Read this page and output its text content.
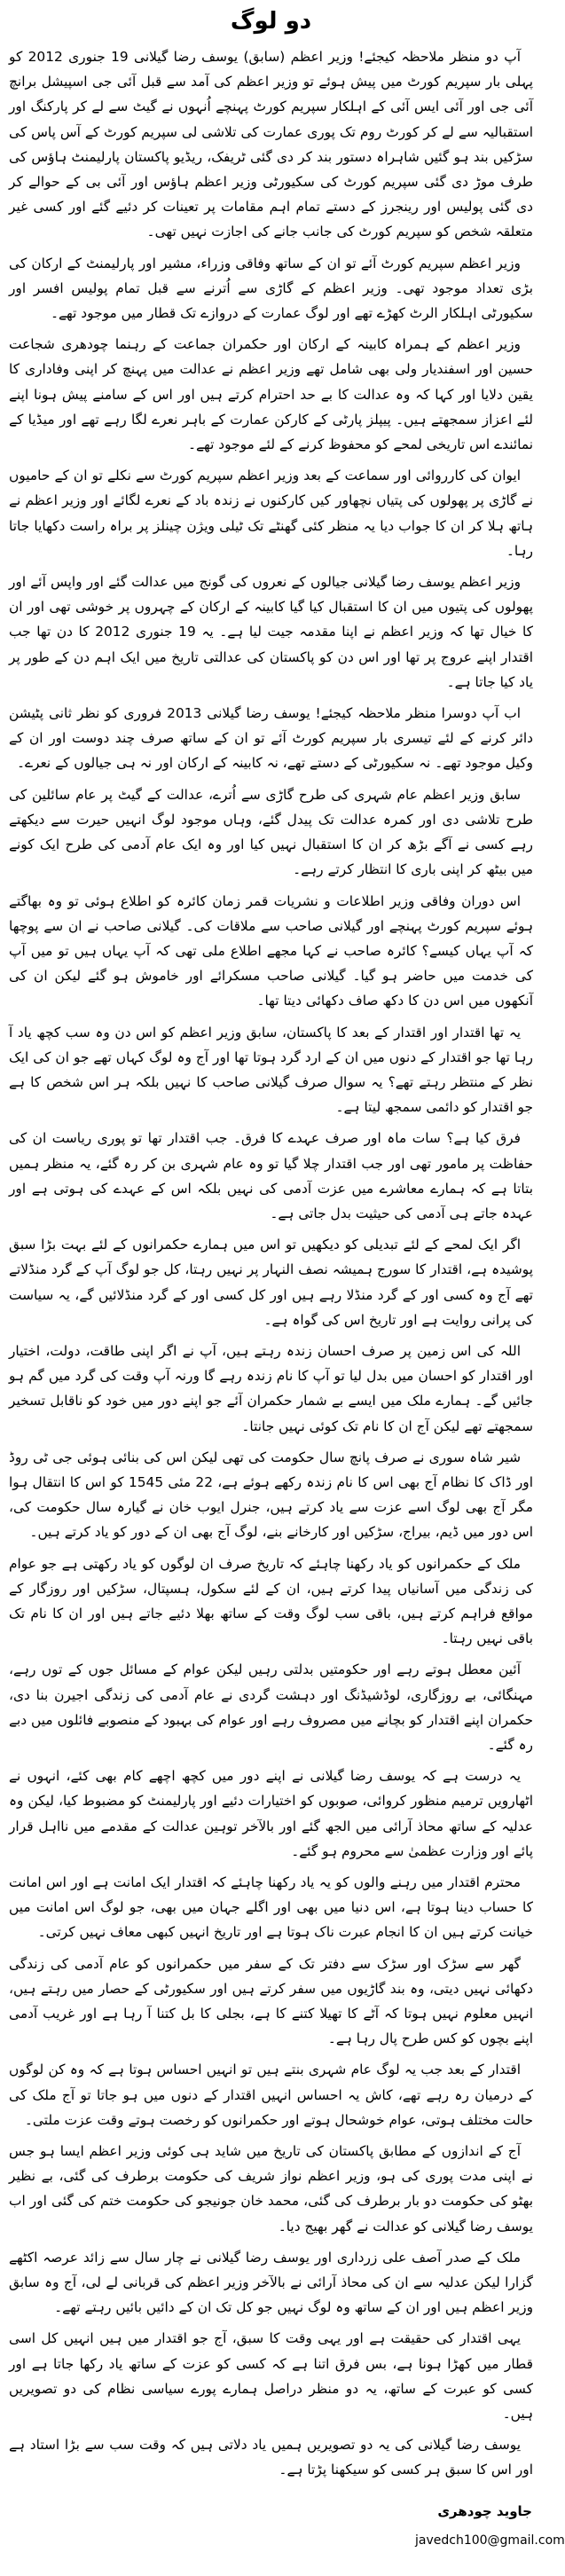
دو لوگ

آپ دو منظر ملاحظہ کیجئے! وزیر اعظم (سابق) یوسف رضا گیلانی 19 جنوری 2012 کو پہلی بار سپریم کورٹ میں پیش ہوئے تو وزیر اعظم کی آمد سے قبل آئی جی اسپیشل برانچ آئی جی اور آئی ایس آئی کے اہلکار سپریم کورٹ پہنچے اُنہوں نے گیٹ سے لے کر پارکنگ اور استقبالیہ سے لے کر کورٹ روم تک پوری عمارت کی تلاشی لی سپریم کورٹ کے آس پاس کی سڑکیں بند ہو گئیں شاہراہ دستور بند کر دی گئی ٹریفک، ریڈیو پاکستان پارلیمنٹ ہاؤس کی طرف موڑ دی گئی سپریم کورٹ کی سکیورٹی وزیر اعظم ہاؤس اور آئی بی کے حوالے کر دی گئی پولیس اور رینجرز کے دستے تمام اہم مقامات پر تعینات کر دئیے گئے اور کسی غیر متعلقہ شخص کو سپریم کورٹ کی جانب جانے کی اجازت نہیں تھی۔

وزیر اعظم سپریم کورٹ آئے تو ان کے ساتھ وفاقی وزراء، مشیر اور پارلیمنٹ کے ارکان کی بڑی تعداد موجود تھی۔ وزیر اعظم کے گاڑی سے اُترنے سے قبل تمام پولیس افسر اور سکیورٹی اہلکار الرٹ کھڑے تھے اور لوگ عمارت کے دروازے تک قطار میں موجود تھے۔

وزیر اعظم کے ہمراہ کابینہ کے ارکان اور حکمران جماعت کے رہنما چودھری شجاعت حسین اور اسفندیار ولی بھی شامل تھے وزیر اعظم نے عدالت میں پہنچ کر اپنی وفاداری کا یقین دلایا اور کہا کہ وہ عدالت کا بے حد احترام کرتے ہیں اور اس کے سامنے پیش ہونا اپنے لئے اعزاز سمجھتے ہیں۔ پیپلز پارٹی کے کارکن عمارت کے باہر نعرے لگا رہے تھے اور میڈیا کے نمائندے اس تاریخی لمحے کو محفوظ کرنے کے لئے موجود تھے۔

ایوان کی کارروائی اور سماعت کے بعد وزیر اعظم سپریم کورٹ سے نکلے تو ان کے حامیوں نے گاڑی پر پھولوں کی پتیاں نچھاور کیں کارکنوں نے زندہ باد کے نعرے لگائے اور وزیر اعظم نے ہاتھ ہلا کر ان کا جواب دیا یہ منظر کئی گھنٹے تک ٹیلی ویژن چینلز پر براہ راست دکھایا جاتا رہا۔

وزیر اعظم یوسف رضا گیلانی جیالوں کے نعروں کی گونج میں عدالت گئے اور واپس آئے اور پھولوں کی پتیوں میں ان کا استقبال کیا گیا کابینہ کے ارکان کے چہروں پر خوشی تھی اور ان کا خیال تھا کہ وزیر اعظم نے اپنا مقدمہ جیت لیا ہے۔ یہ 19 جنوری 2012 کا دن تھا جب اقتدار اپنے عروج پر تھا اور اس دن کو پاکستان کی عدالتی تاریخ میں ایک اہم دن کے طور پر یاد کیا جاتا ہے۔

اب آپ دوسرا منظر ملاحظہ کیجئے! یوسف رضا گیلانی 2013 فروری کو نظر ثانی پٹیشن دائر کرنے کے لئے تیسری بار سپریم کورٹ آئے تو ان کے ساتھ صرف چند دوست اور ان کے وکیل موجود تھے۔ نہ سکیورٹی کے دستے تھے، نہ کابینہ کے ارکان اور نہ ہی جیالوں کے نعرے۔

سابق وزیر اعظم عام شہری کی طرح گاڑی سے اُترے، عدالت کے گیٹ پر عام سائلین کی طرح تلاشی دی اور کمرہ عدالت تک پیدل گئے، وہاں موجود لوگ انہیں حیرت سے دیکھتے رہے کسی نے آگے بڑھ کر ان کا استقبال نہیں کیا اور وہ ایک عام آدمی کی طرح ایک کونے میں بیٹھ کر اپنی باری کا انتظار کرتے رہے۔

اس دوران وفاقی وزیر اطلاعات و نشریات قمر زمان کائرہ کو اطلاع ہوئی تو وہ بھاگتے ہوئے سپریم کورٹ پہنچے اور گیلانی صاحب سے ملاقات کی۔ گیلانی صاحب نے ان سے پوچھا کہ آپ یہاں کیسے؟ کائرہ صاحب نے کہا مجھے اطلاع ملی تھی کہ آپ یہاں ہیں تو میں آپ کی خدمت میں حاضر ہو گیا۔ گیلانی صاحب مسکرائے اور خاموش ہو گئے لیکن ان کی آنکھوں میں اس دن کا دکھ صاف دکھائی دیتا تھا۔

یہ تھا اقتدار اور اقتدار کے بعد کا پاکستان، سابق وزیر اعظم کو اس دن وہ سب کچھ یاد آ رہا تھا جو اقتدار کے دنوں میں ان کے ارد گرد ہوتا تھا اور آج وہ لوگ کہاں تھے جو ان کی ایک نظر کے منتظر رہتے تھے؟ یہ سوال صرف گیلانی صاحب کا نہیں بلکہ ہر اس شخص کا ہے جو اقتدار کو دائمی سمجھ لیتا ہے۔

فرق کیا ہے؟ سات ماہ اور صرف عہدے کا فرق۔ جب اقتدار تھا تو پوری ریاست ان کی حفاظت پر مامور تھی اور جب اقتدار چلا گیا تو وہ عام شہری بن کر رہ گئے، یہ منظر ہمیں بتاتا ہے کہ ہمارے معاشرے میں عزت آدمی کی نہیں بلکہ اس کے عہدے کی ہوتی ہے اور عہدہ جاتے ہی آدمی کی حیثیت بدل جاتی ہے۔

اگر ایک لمحے کے لئے تبدیلی کو دیکھیں تو اس میں ہمارے حکمرانوں کے لئے بہت بڑا سبق پوشیدہ ہے، اقتدار کا سورج ہمیشہ نصف النہار پر نہیں رہتا، کل جو لوگ آپ کے گرد منڈلاتے تھے آج وہ کسی اور کے گرد منڈلا رہے ہیں اور کل کسی اور کے گرد منڈلائیں گے، یہ سیاست کی پرانی روایت ہے اور تاریخ اس کی گواہ ہے۔

اللہ کی اس زمین پر صرف احسان زندہ رہتے ہیں، آپ نے اگر اپنی طاقت، دولت، اختیار اور اقتدار کو احسان میں بدل لیا تو آپ کا نام زندہ رہے گا ورنہ آپ وقت کی گرد میں گم ہو جائیں گے۔ ہمارے ملک میں ایسے بے شمار حکمران آئے جو اپنے دور میں خود کو ناقابل تسخیر سمجھتے تھے لیکن آج ان کا نام تک کوئی نہیں جانتا۔

شیر شاہ سوری نے صرف پانچ سال حکومت کی تھی لیکن اس کی بنائی ہوئی جی ٹی روڈ اور ڈاک کا نظام آج بھی اس کا نام زندہ رکھے ہوئے ہے، 22 مئی 1545 کو اس کا انتقال ہوا مگر آج بھی لوگ اسے عزت سے یاد کرتے ہیں، جنرل ایوب خان نے گیارہ سال حکومت کی، اس دور میں ڈیم، بیراج، سڑکیں اور کارخانے بنے، لوگ آج بھی ان کے دور کو یاد کرتے ہیں۔

ملک کے حکمرانوں کو یاد رکھنا چاہئے کہ تاریخ صرف ان لوگوں کو یاد رکھتی ہے جو عوام کی زندگی میں آسانیاں پیدا کرتے ہیں، ان کے لئے سکول، ہسپتال، سڑکیں اور روزگار کے مواقع فراہم کرتے ہیں، باقی سب لوگ وقت کے ساتھ بھلا دئیے جاتے ہیں اور ان کا نام تک باقی نہیں رہتا۔

آئین معطل ہوتے رہے اور حکومتیں بدلتی رہیں لیکن عوام کے مسائل جوں کے توں رہے، مہنگائی، بے روزگاری، لوڈشیڈنگ اور دہشت گردی نے عام آدمی کی زندگی اجیرن بنا دی، حکمران اپنے اقتدار کو بچانے میں مصروف رہے اور عوام کی بہبود کے منصوبے فائلوں میں دبے رہ گئے۔

یہ درست ہے کہ یوسف رضا گیلانی نے اپنے دور میں کچھ اچھے کام بھی کئے، انہوں نے اٹھارویں ترمیم منظور کروائی، صوبوں کو اختیارات دئیے اور پارلیمنٹ کو مضبوط کیا، لیکن وہ عدلیہ کے ساتھ محاذ آرائی میں الجھ گئے اور بالآخر توہین عدالت کے مقدمے میں نااہل قرار پائے اور وزارت عظمیٰ سے محروم ہو گئے۔

محترم اقتدار میں رہنے والوں کو یہ یاد رکھنا چاہئے کہ اقتدار ایک امانت ہے اور اس امانت کا حساب دینا ہوتا ہے، اس دنیا میں بھی اور اگلے جہان میں بھی، جو لوگ اس امانت میں خیانت کرتے ہیں ان کا انجام عبرت ناک ہوتا ہے اور تاریخ انہیں کبھی معاف نہیں کرتی۔

گھر سے سڑک اور سڑک سے دفتر تک کے سفر میں حکمرانوں کو عام آدمی کی زندگی دکھائی نہیں دیتی، وہ بند گاڑیوں میں سفر کرتے ہیں اور سکیورٹی کے حصار میں رہتے ہیں، انہیں معلوم نہیں ہوتا کہ آٹے کا تھیلا کتنے کا ہے، بجلی کا بل کتنا آ رہا ہے اور غریب آدمی اپنے بچوں کو کس طرح پال رہا ہے۔

اقتدار کے بعد جب یہ لوگ عام شہری بنتے ہیں تو انہیں احساس ہوتا ہے کہ وہ کن لوگوں کے درمیان رہ رہے تھے، کاش یہ احساس انہیں اقتدار کے دنوں میں ہو جاتا تو آج ملک کی حالت مختلف ہوتی، عوام خوشحال ہوتے اور حکمرانوں کو رخصت ہوتے وقت عزت ملتی۔

آج کے اندازوں کے مطابق پاکستان کی تاریخ میں شاید ہی کوئی وزیر اعظم ایسا ہو جس نے اپنی مدت پوری کی ہو، وزیر اعظم نواز شریف کی حکومت برطرف کی گئی، بے نظیر بھٹو کی حکومت دو بار برطرف کی گئی، محمد خان جونیجو کی حکومت ختم کی گئی اور اب یوسف رضا گیلانی کو عدالت نے گھر بھیج دیا۔

ملک کے صدر آصف علی زرداری اور یوسف رضا گیلانی نے چار سال سے زائد عرصہ اکٹھے گزارا لیکن عدلیہ سے ان کی محاذ آرائی نے بالآخر وزیر اعظم کی قربانی لے لی، آج وہ سابق وزیر اعظم ہیں اور ان کے ساتھ وہ لوگ نہیں جو کل تک ان کے دائیں بائیں رہتے تھے۔

یہی اقتدار کی حقیقت ہے اور یہی وقت کا سبق، آج جو اقتدار میں ہیں انہیں کل اسی قطار میں کھڑا ہونا ہے، بس فرق اتنا ہے کہ کسی کو عزت کے ساتھ یاد رکھا جاتا ہے اور کسی کو عبرت کے ساتھ، یہ دو منظر دراصل ہمارے پورے سیاسی نظام کی دو تصویریں ہیں۔

یوسف رضا گیلانی کی یہ دو تصویریں ہمیں یاد دلاتی ہیں کہ وقت سب سے بڑا استاد ہے اور اس کا سبق ہر کسی کو سیکھنا پڑتا ہے۔

جاوید چودھری
javedch100@gmail.com
